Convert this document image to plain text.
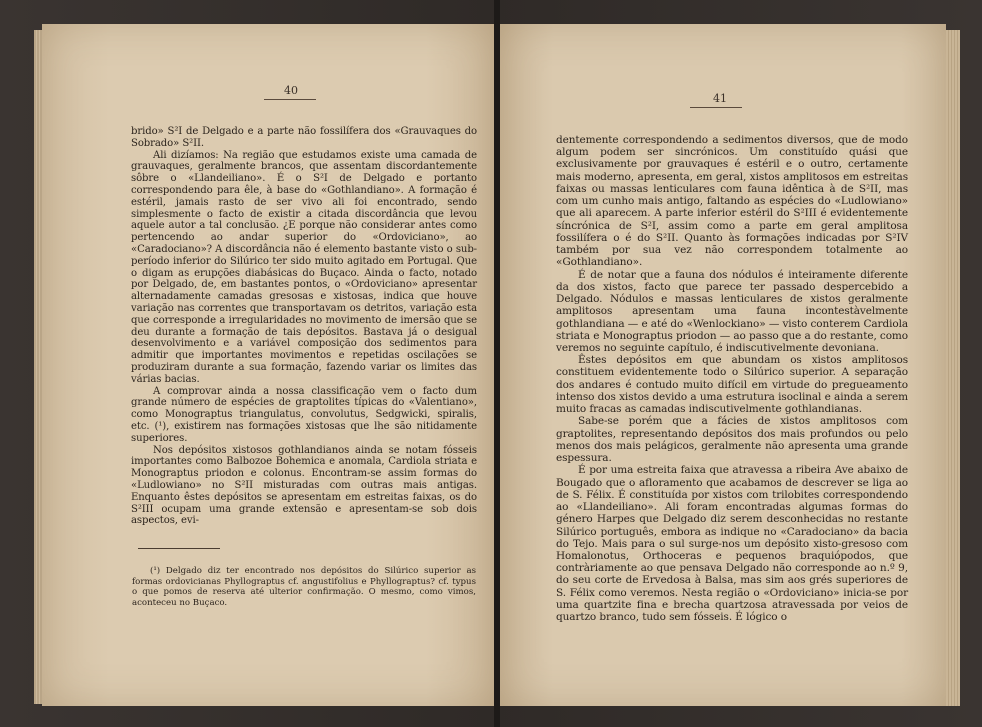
40

brido» S²I de Delgado e a parte não fossilífera dos «Grauvaques do Sobrado» S²II.

Ali dizíamos: Na região que estudamos existe uma camada de grauvaques, geralmente brancos, que assentam discordantemente sôbre o «Llandeiliano». É o S²I de Delgado e portanto correspondendo para êle, à base do «Gothlandiano». A formação é estéril, jamais rasto de ser vivo ali foi encontrado, sendo simplesmente o facto de existir a citada discordância que levou aquele autor a tal conclusão. ¿E porque não considerar antes como pertencendo ao andar superior do «Ordoviciano», ao «Caradociano»? A discordância não é elemento bastante visto o sub-período inferior do Silúrico ter sido muito agitado em Portugal. Que o digam as erupções diabásicas do Buçaco. Ainda o facto, notado por Delgado, de, em bastantes pontos, o «Ordoviciano» apresentar alternadamente camadas gresosas e xistosas, indica que houve variação nas correntes que transportavam os detritos, variação esta que corresponde a irregularidades no movimento de imersão que se deu durante a formação de tais depósitos. Bastava já o desigual desenvolvimento e a variável composição dos sedimentos para admitir que importantes movimentos e repetidas oscilações se produziram durante a sua formação, fazendo variar os limites das várias bacias.

A comprovar ainda a nossa classificação vem o facto dum grande número de espécies de graptolites típicas do «Valentiano», como Monograptus triangulatus, convolutus, Sedgwicki, spiralis, etc. (¹), existirem nas formações xistosas que lhe são nitidamente superiores.

Nos depósitos xistosos gothlandianos ainda se notam fósseis importantes como Balbozoe Bohemica e anomala, Cardiola striata e Monograptus priodon e colonus. Encontram-se assim formas do «Ludlowiano» no S²II misturadas com outras mais antigas. Enquanto êstes depósitos se apresentam em estreitas faixas, os do S²III ocupam uma grande extensão e apresentam-se sob dois aspectos, evi-

(¹) Delgado diz ter encontrado nos depósitos do Silúrico superior as formas ordovicianas Phyllograptus cf. angustifolius e Phyllograptus? cf. typus o que pomos de reserva até ulterior confirmação. O mesmo, como vimos, aconteceu no Buçaco.

41

dentemente correspondendo a sedimentos diversos, que de modo algum podem ser sincrónicos. Um constituído quási que exclusivamente por grauvaques é estéril e o outro, certamente mais moderno, apresenta, em geral, xistos amplitosos em estreitas faixas ou massas lenticulares com fauna idêntica à de S²II, mas com um cunho mais antigo, faltando as espécies do «Ludlowiano» que ali aparecem. A parte inferior estéril do S²III é evidentemente síncrónica de S²I, assim como a parte em geral amplitosa fossilífera o é do S²II. Quanto às formações indicadas por S²IV também por sua vez não correspondem totalmente ao «Gothlandiano».

É de notar que a fauna dos nódulos é inteiramente diferente da dos xistos, facto que parece ter passado despercebido a Delgado. Nódulos e massas lenticulares de xistos geralmente amplitosos apresentam uma fauna incontestàvelmente gothlandiana — e até do «Wenlockiano» — visto conterem Cardiola striata e Monograptus priodon — ao passo que a do restante, como veremos no seguinte capítulo, é indiscutivelmente devoniana.

Êstes depósitos em que abundam os xistos amplitosos constituem evidentemente todo o Silúrico superior. A separação dos andares é contudo muito difícil em virtude do pregueamento intenso dos xistos devido a uma estrutura isoclinal e ainda a serem muito fracas as camadas indiscutivelmente gothlandianas.

Sabe-se porém que a fácies de xistos amplitosos com graptolites, representando depósitos dos mais profundos ou pelo menos dos mais pelágicos, geralmente não apresenta uma grande espessura.

É por uma estreita faixa que atravessa a ribeira Ave abaixo de Bougado que o afloramento que acabamos de descrever se liga ao de S. Félix. É constituída por xistos com trilobites correspondendo ao «Llandeiliano». Ali foram encontradas algumas formas do género Harpes que Delgado diz serem desconhecidas no restante Silúrico português, embora as indique no «Caradociano» da bacia do Tejo. Mais para o sul surge-nos um depósito xisto-gresoso com Homalonotus, Orthoceras e pequenos braquiópodos, que contràriamente ao que pensava Delgado não corresponde ao n.º 9, do seu corte de Ervedosa à Balsa, mas sim aos grés superiores de S. Félix como veremos. Nesta região o «Ordoviciano» inicia-se por uma quartzite fina e brecha quartzosa atravessada por veios de quartzo branco, tudo sem fósseis. É lógico o
